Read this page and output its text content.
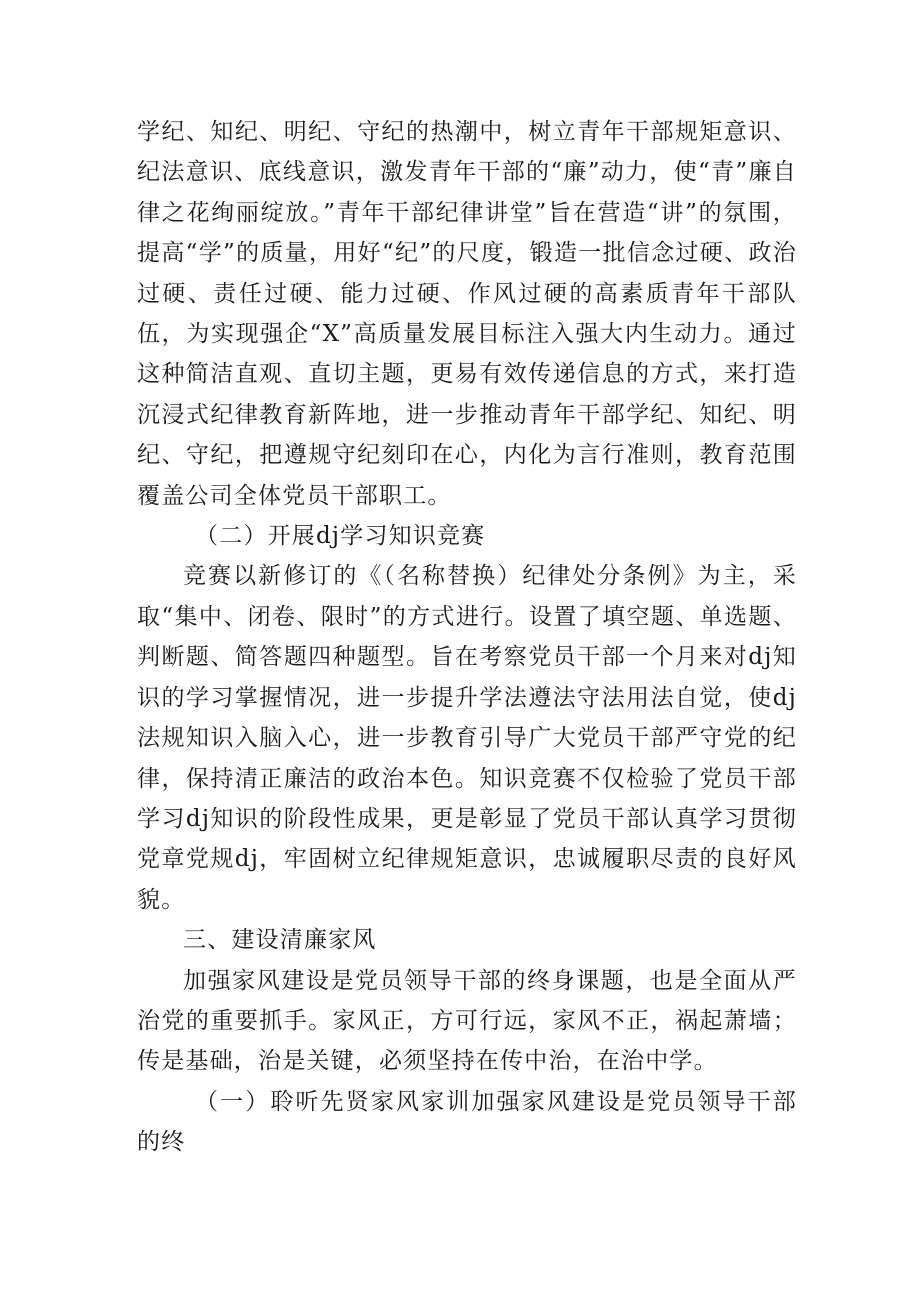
学纪、知纪、明纪、守纪的热潮中，树立青年干部规矩意识、纪法意识、底线意识，激发青年干部的“廉”动力，使“青”廉自律之花绚丽绽放。”青年干部纪律讲堂”旨在营造“讲”的氛围，提高“学”的质量，用好“纪”的尺度，锻造一批信念过硬、政治过硬、责任过硬、能力过硬、作风过硬的高素质青年干部队伍，为实现强企“X”高质量发展目标注入强大内生动力。通过这种简洁直观、直切主题，更易有效传递信息的方式，来打造沉浸式纪律教育新阵地，进一步推动青年干部学纪、知纪、明纪、守纪，把遵规守纪刻印在心，内化为言行准则，教育范围覆盖公司全体党员干部职工。

（二）开展dj学习知识竞赛

竞赛以新修订的《（名称替换）纪律处分条例》为主，采取“集中、闭卷、限时”的方式进行。设置了填空题、单选题、判断题、简答题四种题型。旨在考察党员干部一个月来对dj知识的学习掌握情况，进一步提升学法遵法守法用法自觉，使dj法规知识入脑入心，进一步教育引导广大党员干部严守党的纪律，保持清正廉洁的政治本色。知识竞赛不仅检验了党员干部学习dj知识的阶段性成果，更是彰显了党员干部认真学习贯彻党章党规dj，牢固树立纪律规矩意识，忠诚履职尽责的良好风貌。

三、建设清廉家风

加强家风建设是党员领导干部的终身课题，也是全面从严治党的重要抓手。家风正，方可行远，家风不正，祸起萧墙；传是基础，治是关键，必须坚持在传中治，在治中学。

（一）聆听先贤家风家训加强家风建设是党员领导干部的终
